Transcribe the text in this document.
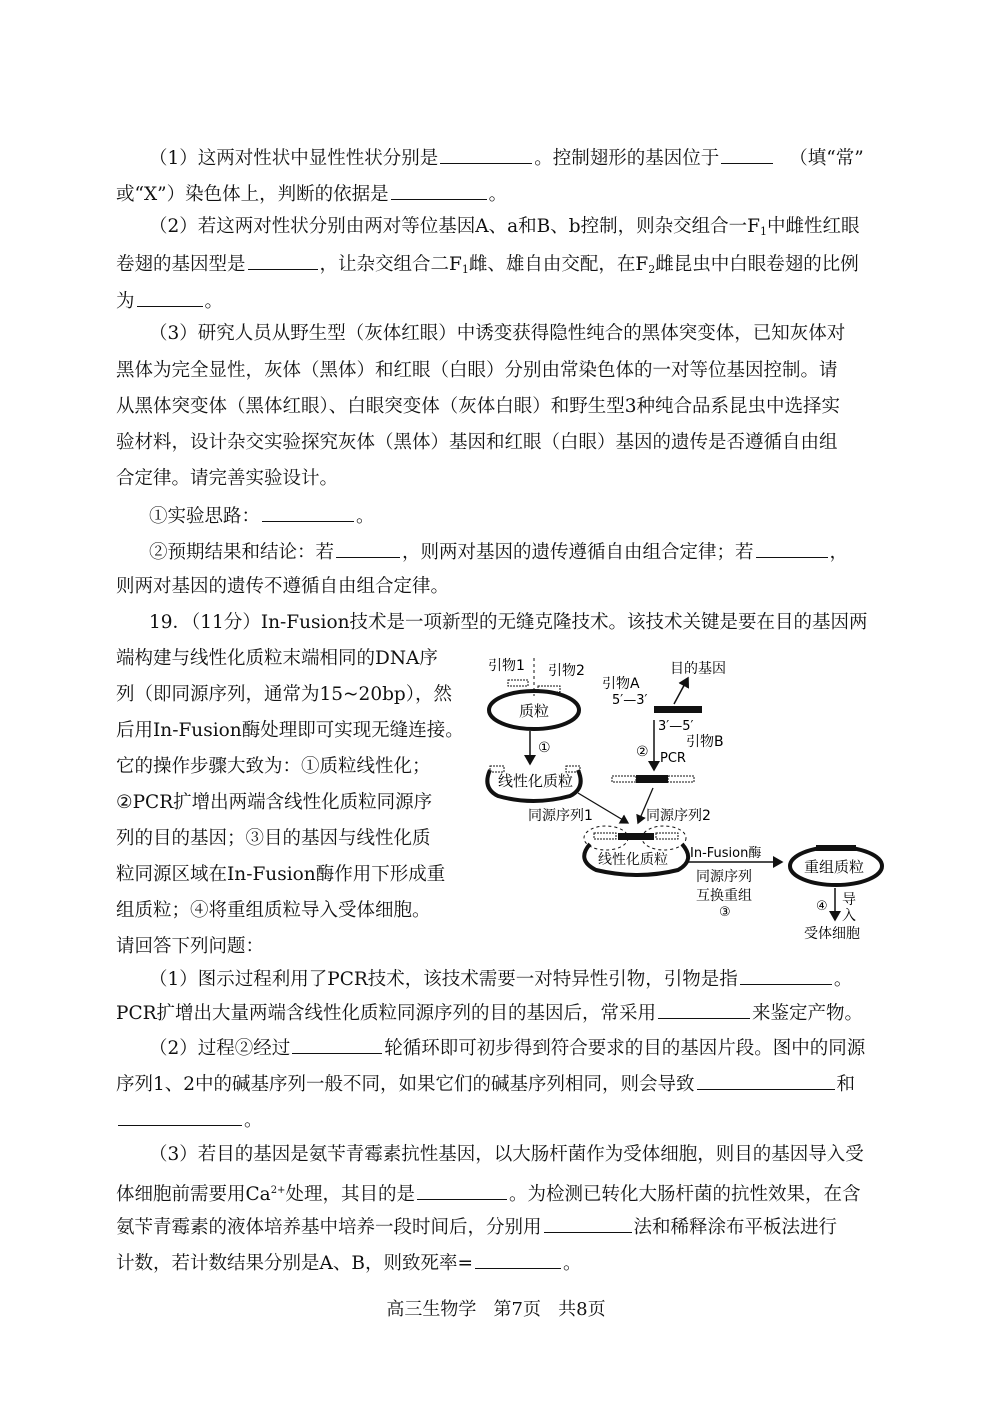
（1）这两对性状中显性性状分别是	。控制翅形的基因位于	（填“常”
或“X”）染色体上，判断的依据是	。
（2）若这两对性状分别由两对等位基因A、a和B、b控制，则杂交组合一$F_1$中雌性红眼
卷翅的基因型是	，让杂交组合二$F_1$雌、雄自由交配，在$F_2$雌昆虫中白眼卷翅的比例
为	。
（3）研究人员从野生型（灰体红眼）中诱变获得隐性纯合的黑体突变体，已知灰体对
黑体为完全显性，灰体（黑体）和红眼（白眼）分别由常染色体的一对等位基因控制。请
从黑体突变体（黑体红眼）、白眼突变体（灰体白眼）和野生型3种纯合品系昆虫中选择实
验材料，设计杂交实验探究灰体（黑体）基因和红眼（白眼）基因的遗传是否遵循自由组
合定律。请完善实验设计。
①实验思路：	。
②预期结果和结论：若	，则两对基因的遗传遵循自由组合定律；若	，
则两对基因的遗传不遵循自由组合定律。
19．（11分）In-Fusion技术是一项新型的无缝克隆技术。该技术关键是要在目的基因两
端构建与线性化质粒末端相同的DNA序
列（即同源序列，通常为15~20bp），然
后用In-Fusion酶处理即可实现无缝连接。
它的操作步骤大致为：①质粒线性化；
②PCR扩增出两端含线性化质粒同源序
列的目的基因；③目的基因与线性化质
粒同源区域在In-Fusion酶作用下形成重
组质粒；④将重组质粒导入受体细胞。
请回答下列问题：
引物1 引物2
质粒
①
线性化质粒
引物A
5′—3′
目的基因
3′—5′
引物B
② PCR
同源序列1	同源序列2
线性化质粒 In-Fusion酶
同源序列
互换重组
③
重组质粒
④ 导
入
受体细胞
（1）图示过程利用了PCR技术，该技术需要一对特异性引物，引物是指	。
PCR扩增出大量两端含线性化质粒同源序列的目的基因后，常采用	来鉴定产物。
（2）过程②经过	轮循环即可初步得到符合要求的目的基因片段。图中的同源
序列1、2中的碱基序列一般不同，如果它们的碱基序列相同，则会导致	和
。
（3）若目的基因是氨苄青霉素抗性基因，以大肠杆菌作为受体细胞，则目的基因导入受
体细胞前需要用$Ca^{2+}$处理，其目的是	。为检测已转化大肠杆菌的抗性效果，在含
氨苄青霉素的液体培养基中培养一段时间后，分别用	法和稀释涂布平板法进行
计数，若计数结果分别是A、B，则致死率=	。
高三生物学   第7页   共8页
